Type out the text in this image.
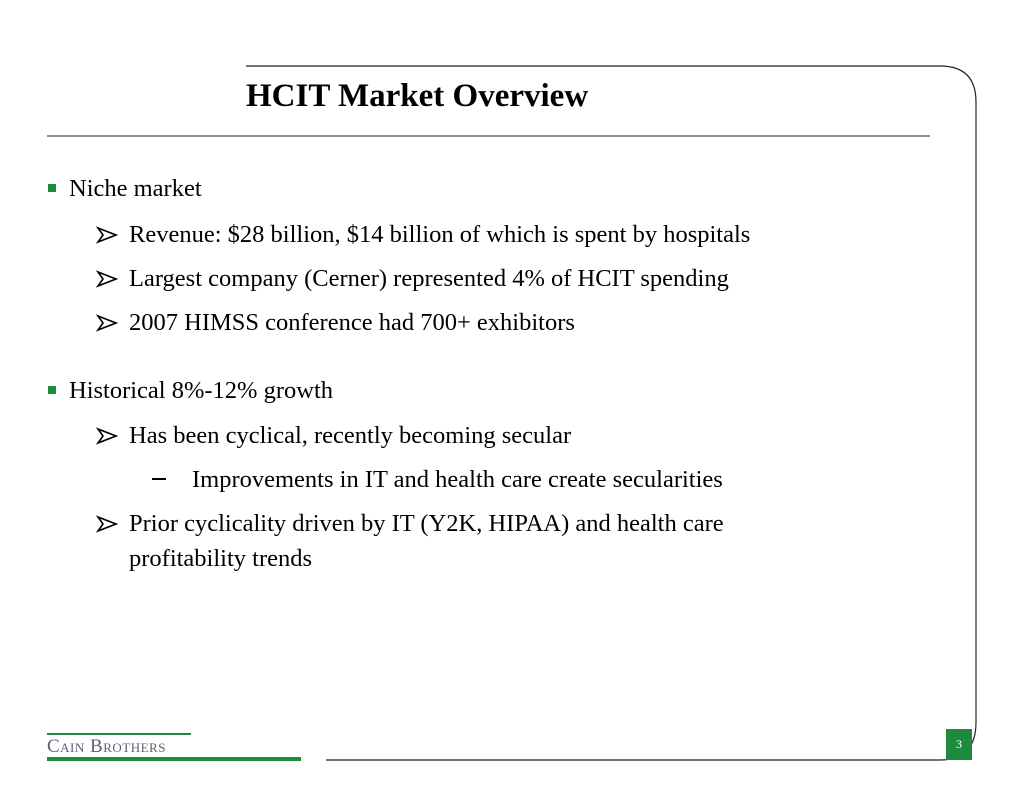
HCIT Market Overview
Niche market
Revenue: $28 billion, $14 billion of which is spent by hospitals
Largest company (Cerner) represented 4% of HCIT spending
2007 HIMSS conference had 700+ exhibitors
Historical 8%-12% growth
Has been cyclical, recently becoming secular
Improvements in IT and health care create secularities
Prior cyclicality driven by IT (Y2K, HIPAA) and health care
profitability trends
Cain Brothers	3
